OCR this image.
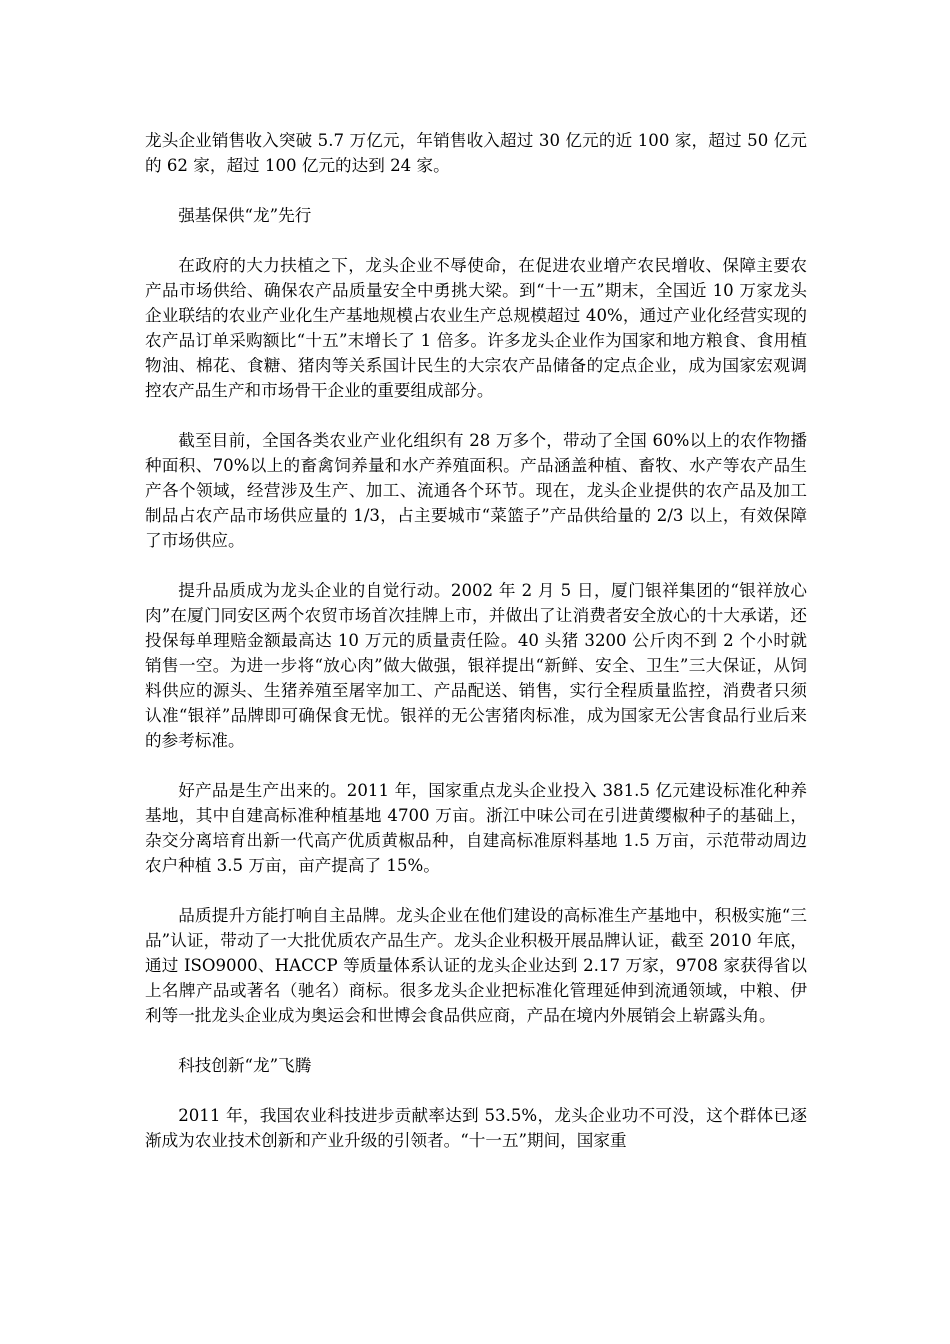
龙头企业销售收入突破 5.7 万亿元，年销售收入超过 30 亿元的近 100 家，超过 50 亿元的 62 家，超过 100 亿元的达到 24 家。

强基保供“龙”先行

在政府的大力扶植之下，龙头企业不辱使命，在促进农业增产农民增收、保障主要农产品市场供给、确保农产品质量安全中勇挑大梁。到“十一五”期末，全国近 10 万家龙头企业联结的农业产业化生产基地规模占农业生产总规模超过 40%，通过产业化经营实现的农产品订单采购额比“十五”末增长了 1 倍多。许多龙头企业作为国家和地方粮食、食用植物油、棉花、食糖、猪肉等关系国计民生的大宗农产品储备的定点企业，成为国家宏观调控农产品生产和市场骨干企业的重要组成部分。

截至目前，全国各类农业产业化组织有 28 万多个，带动了全国 60%以上的农作物播种面积、70%以上的畜禽饲养量和水产养殖面积。产品涵盖种植、畜牧、水产等农产品生产各个领域，经营涉及生产、加工、流通各个环节。现在，龙头企业提供的农产品及加工制品占农产品市场供应量的 1/3，占主要城市“菜篮子”产品供给量的 2/3 以上，有效保障了市场供应。

提升品质成为龙头企业的自觉行动。2002 年 2 月 5 日，厦门银祥集团的“银祥放心肉”在厦门同安区两个农贸市场首次挂牌上市，并做出了让消费者安全放心的十大承诺，还投保每单理赔金额最高达 10 万元的质量责任险。40 头猪 3200 公斤肉不到 2 个小时就销售一空。为进一步将“放心肉”做大做强，银祥提出“新鲜、安全、卫生”三大保证，从饲料供应的源头、生猪养殖至屠宰加工、产品配送、销售，实行全程质量监控，消费者只须认准“银祥”品牌即可确保食无忧。银祥的无公害猪肉标准，成为国家无公害食品行业后来的参考标准。

好产品是生产出来的。2011 年，国家重点龙头企业投入 381.5 亿元建设标准化种养基地，其中自建高标准种植基地 4700 万亩。浙江中味公司在引进黄缨椒种子的基础上，杂交分离培育出新一代高产优质黄椒品种，自建高标准原料基地 1.5 万亩，示范带动周边农户种植 3.5 万亩，亩产提高了 15%。

品质提升方能打响自主品牌。龙头企业在他们建设的高标准生产基地中，积极实施“三品”认证，带动了一大批优质农产品生产。龙头企业积极开展品牌认证，截至 2010 年底，通过 ISO9000、HACCP 等质量体系认证的龙头企业达到 2.17 万家，9708 家获得省以上名牌产品或著名（驰名）商标。很多龙头企业把标准化管理延伸到流通领域，中粮、伊利等一批龙头企业成为奥运会和世博会食品供应商，产品在境内外展销会上崭露头角。

科技创新“龙”飞腾

2011 年，我国农业科技进步贡献率达到 53.5%，龙头企业功不可没，这个群体已逐渐成为农业技术创新和产业升级的引领者。“十一五”期间，国家重
